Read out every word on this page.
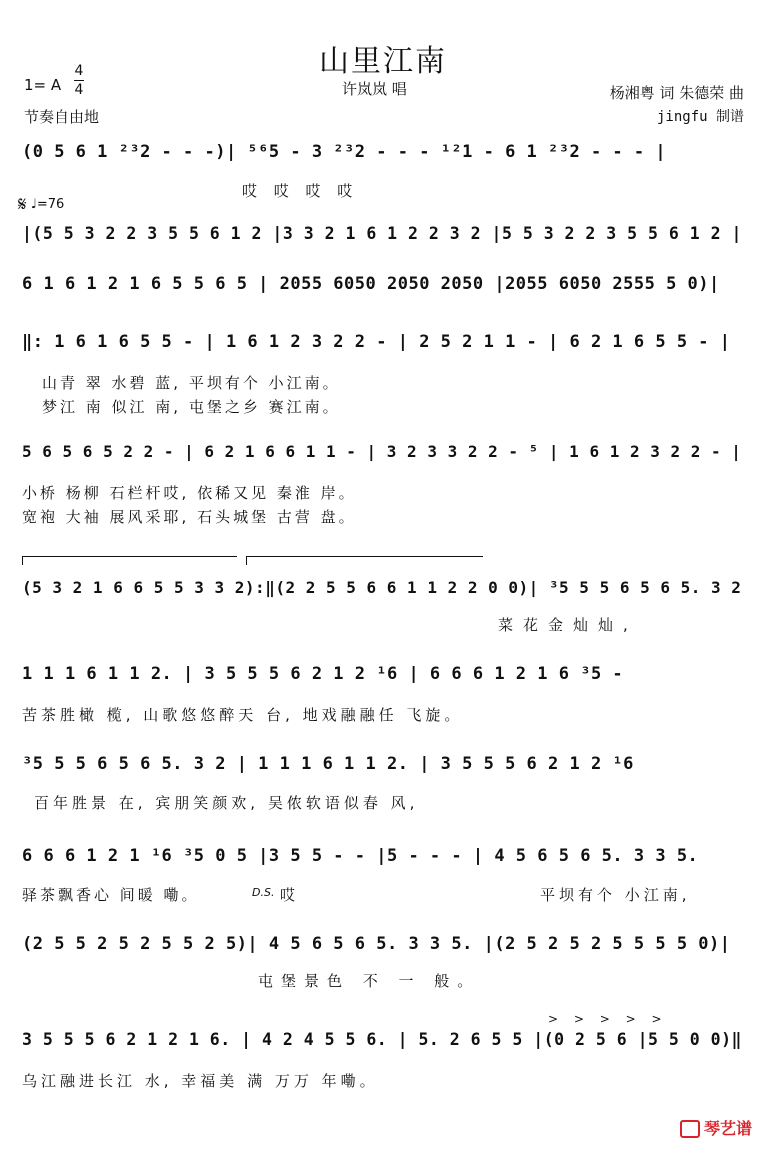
山里江南
许岚岚 唱
1= A
4
4	杨湘粤 词 朱德荣 曲
jingfu 制谱
节奏自由地
𝄋 ♩=76
(0 5 6 1 ²³2 - - -)| ⁵⁶5 - 3 ²³2 - - - ¹²1 - 6 1 ²³2 - - - |
哎 哎 哎 哎
|(5 5 3 2 2 3 5 5 6 1 2 |3 3 2 1 6 1 2 2 3 2 |5 5 3 2 2 3 5 5 6 1 2 |
6 1 6 1 2 1 6 5 5 6 5 | 2055 6050 2050 2050 |2055 6050 2555 5 0)|
‖: 1 6 1 6 5 5 - | 1 6 1 2 3 2 2 - | 2 5 2 1 1 - | 6 2 1 6 5 5 - |
山青 翠 水碧 蓝, 平坝有个 小江南。
梦江 南 似江 南, 屯堡之乡 赛江南。
5 6 5 6 5 2 2 - | 6 2 1 6 6 1 1 - | 3 2 3 3 2 2 - ⁵ | 1 6 1 2 3 2 2 - |
小桥 杨柳 石栏杆哎, 依稀又见 秦淮 岸。
宽袍 大袖 展风采耶, 石头城堡 古营 盘。
(5 3 2 1 6 6 5 5 3 3 2):‖(2 2 5 5 6 6 1 1 2 2 0 0)| ³5 5 5 6 5 6 5. 3 2
菜花金灿灿,
1 1 1 6 1 1 2. | 3 5 5 5 6 2 1 2 ¹6 | 6 6 6 1 2 1 6 ³5 -
苦茶胜橄 榄, 山歌悠悠醉天 台, 地戏融融任 飞旋。
³5 5 5 6 5 6 5. 3 2 | 1 1 1 6 1 1 2. | 3 5 5 5 6 2 1 2 ¹6
百年胜景 在, 宾朋笑颜欢, 吴侬软语似春 风,
6 6 6 1 2 1 ¹6 ³5 0 5 |3 5 5 - - |5 - - - | 4 5 6 5 6 5. 3 3 5.
驿茶飘香心 间暖 嘞。	D.S. 哎	平坝有个 小江南,
(2 5 5 2 5 2 5 5 2 5)| 4 5 6 5 6 5. 3 3 5. |(2 5 2 5 2 5 5 5 5 0)|
屯堡景色 不 一 般。
> > > > >
3 5 5 5 6 2 1 2 1 6. | 4 2 4 5 5 6. | 5. 2 6 5 5 |(0 2 5 6 |5 5 0 0)‖
乌江融进长江 水, 幸福美 满 万万 年嘞。
琴艺谱
